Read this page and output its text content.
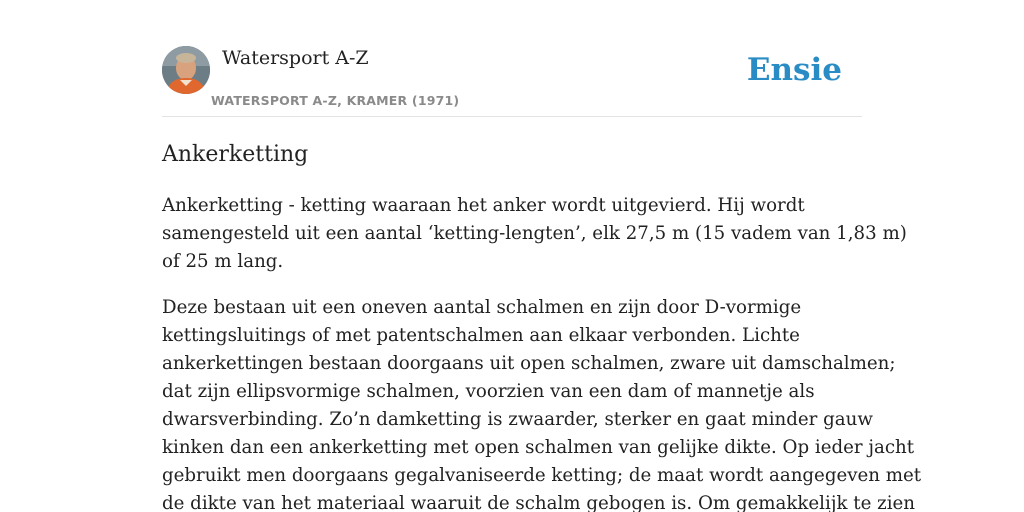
Watersport A-Z
WATERSPORT A-Z, KRAMER (1971)
Ensie
Ankerketting

Ankerketting - ketting waaraan het anker wordt uitgevierd. Hij wordt
samengesteld uit een aantal ‘ketting-lengten’, elk 27,5 m (15 vadem van 1,83 m)
of 25 m lang.

Deze bestaan uit een oneven aantal schalmen en zijn door D-vormige
kettingsluitings of met patentschalmen aan elkaar verbonden. Lichte
ankerkettingen bestaan doorgaans uit open schalmen, zware uit damschalmen;
dat zijn ellipsvormige schalmen, voorzien van een dam of mannetje als
dwarsverbinding. Zo’n damketting is zwaarder, sterker en gaat minder gauw
kinken dan een ankerketting met open schalmen van gelijke dikte. Op ieder jacht
gebruikt men doorgaans gegalvaniseerde ketting; de maat wordt aangegeven met
de dikte van het materiaal waaruit de schalm gebogen is. Om gemakkelijk te zien
